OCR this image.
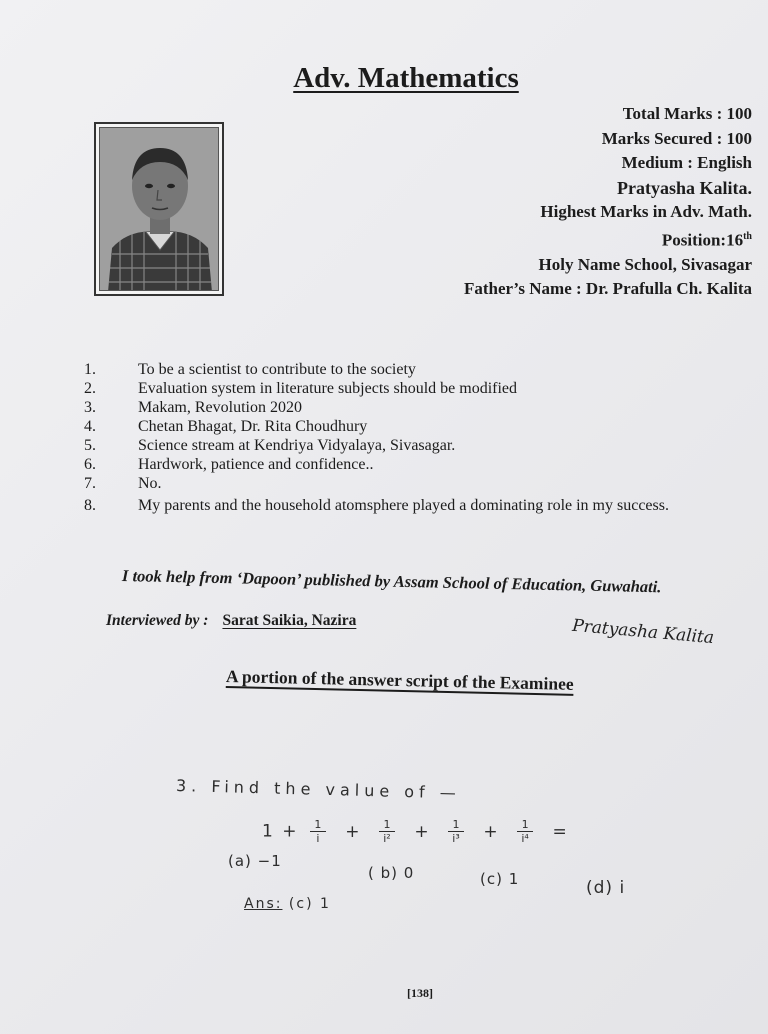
Adv. Mathematics
Total Marks : 100
Marks Secured : 100
Medium : English
Pratyasha Kalita.
Highest Marks in Adv. Math.
Position:16th
Holy Name School, Sivasagar
Father’s Name : Dr. Prafulla Ch. Kalita
1.	To be a scientist to contribute to the society
2.	Evaluation system in literature subjects should be modified
3.	Makam, Revolution 2020
4.	Chetan Bhagat, Dr. Rita Choudhury
5.	Science stream at Kendriya Vidyalaya, Sivasagar.
6.	Hardwork, patience and confidence..
7.	No.
8.	My parents and the household atomsphere played a dominating role in my success.
I took help from ‘Dapoon’ published by Assam School of Education, Guwahati.
Interviewed by : Sarat Saikia, Nazira	Pratyasha Kalita
A portion of the answer script of the Examinee
3. Find the value of —
$1 + \frac{1}{i} + \frac{1}{\text{i²}} + \frac{1}{\text{i³}} + \frac{1}{\text{i⁴}}$ =
(a) −1
( b) 0	(c) 1	(d) i
Ans: (c) 1
[138]
